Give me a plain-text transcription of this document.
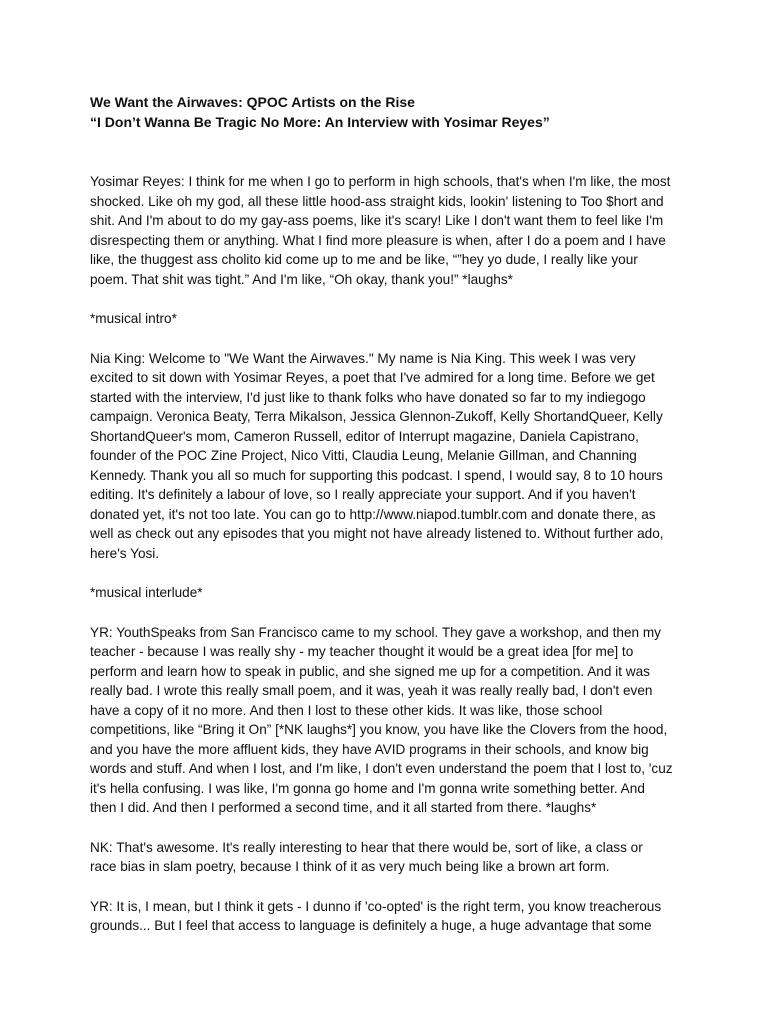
We Want the Airwaves: QPOC Artists on the Rise

“I Don’t Wanna Be Tragic No More: An Interview with Yosimar Reyes”

Yosimar Reyes: I think for me when I go to perform in high schools, that's when I'm like, the most
shocked. Like oh my god, all these little hood-ass straight kids, lookin' listening to Too $hort and
shit. And I'm about to do my gay-ass poems, like it's scary! Like I don't want them to feel like I'm
disrespecting them or anything. What I find more pleasure is when, after I do a poem and I have
like, the thuggest ass cholito kid come up to me and be like, “”hey yo dude, I really like your
poem. That shit was tight.” And I'm like, “Oh okay, thank you!” *laughs*

*musical intro*

Nia King: Welcome to "We Want the Airwaves." My name is Nia King. This week I was very
excited to sit down with Yosimar Reyes, a poet that I've admired for a long time. Before we get
started with the interview, I'd just like to thank folks who have donated so far to my indiegogo
campaign. Veronica Beaty, Terra Mikalson, Jessica Glennon-Zukoff, Kelly ShortandQueer, Kelly
ShortandQueer's mom, Cameron Russell, editor of Interrupt magazine, Daniela Capistrano,
founder of the POC Zine Project, Nico Vitti, Claudia Leung, Melanie Gillman, and Channing
Kennedy. Thank you all so much for supporting this podcast. I spend, I would say, 8 to 10 hours
editing. It's definitely a labour of love, so I really appreciate your support. And if you haven't
donated yet, it's not too late. You can go to http://www.niapod.tumblr.com and donate there, as
well as check out any episodes that you might not have already listened to. Without further ado,
here's Yosi.

*musical interlude*

YR: YouthSpeaks from San Francisco came to my school. They gave a workshop, and then my
teacher - because I was really shy - my teacher thought it would be a great idea [for me] to
perform and learn how to speak in public, and she signed me up for a competition. And it was
really bad. I wrote this really small poem, and it was, yeah it was really really bad, I don't even
have a copy of it no more. And then I lost to these other kids. It was like, those school
competitions, like “Bring it On” [*NK laughs*] you know, you have like the Clovers from the hood,
and you have the more affluent kids, they have AVID programs in their schools, and know big
words and stuff. And when I lost, and I'm like, I don't even understand the poem that I lost to, 'cuz
it's hella confusing. I was like, I'm gonna go home and I'm gonna write something better. And
then I did. And then I performed a second time, and it all started from there. *laughs*

NK: That's awesome. It's really interesting to hear that there would be, sort of like, a class or
race bias in slam poetry, because I think of it as very much being like a brown art form.

YR: It is, I mean, but I think it gets - I dunno if 'co-opted' is the right term, you know treacherous
grounds... But I feel that access to language is definitely a huge, a huge advantage that some
